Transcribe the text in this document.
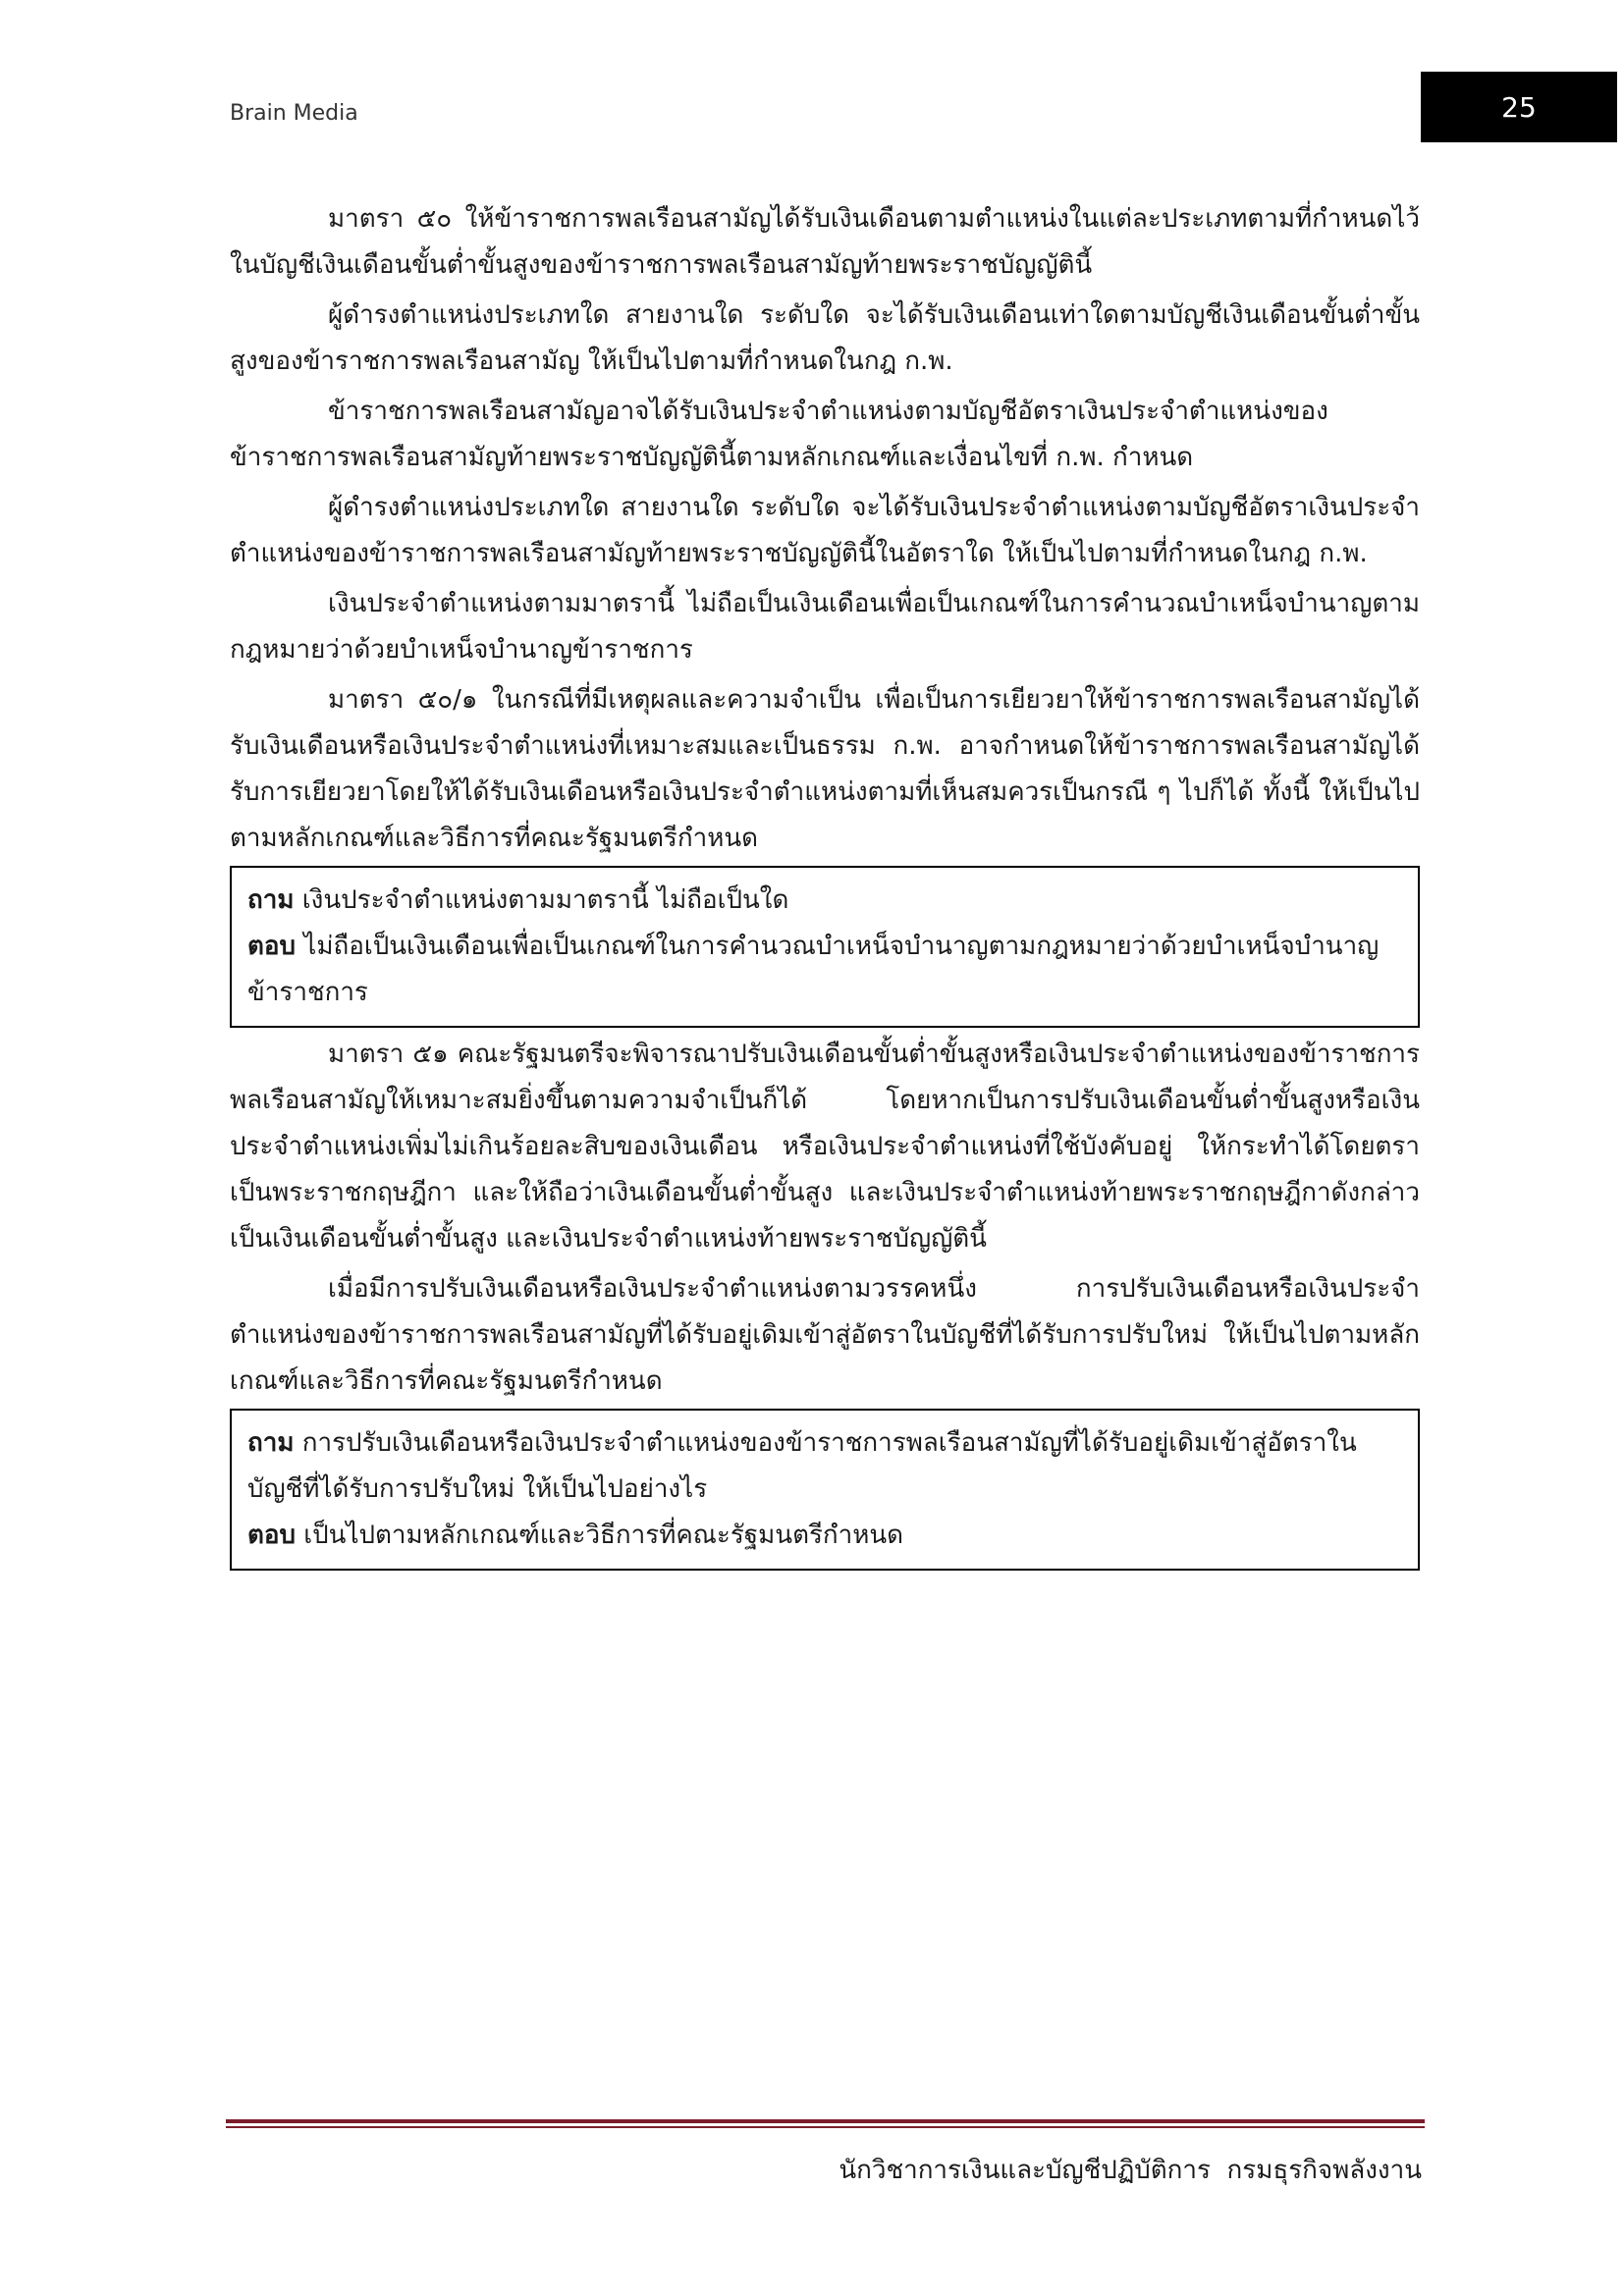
Brain Media	25

มาตรา ๕๐ ให้ข้าราชการพลเรือนสามัญได้รับเงินเดือนตามตำแหน่งในแต่ละประเภทตามที่กำหนดไว้ในบัญชีเงินเดือนขั้นต่ำขั้นสูงของข้าราชการพลเรือนสามัญท้ายพระราชบัญญัตินี้

ผู้ดำรงตำแหน่งประเภทใด สายงานใด ระดับใด จะได้รับเงินเดือนเท่าใดตามบัญชีเงินเดือนขั้นต่ำขั้นสูงของข้าราชการพลเรือนสามัญ ให้เป็นไปตามที่กำหนดในกฎ ก.พ.

ข้าราชการพลเรือนสามัญอาจได้รับเงินประจำตำแหน่งตามบัญชีอัตราเงินประจำตำแหน่งของข้าราชการพลเรือนสามัญท้ายพระราชบัญญัตินี้ตามหลักเกณฑ์และเงื่อนไขที่ ก.พ. กำหนด

ผู้ดำรงตำแหน่งประเภทใด สายงานใด ระดับใด จะได้รับเงินประจำตำแหน่งตามบัญชีอัตราเงินประจำตำแหน่งของข้าราชการพลเรือนสามัญท้ายพระราชบัญญัตินี้ในอัตราใด ให้เป็นไปตามที่กำหนดในกฎ ก.พ.

เงินประจำตำแหน่งตามมาตรานี้ ไม่ถือเป็นเงินเดือนเพื่อเป็นเกณฑ์ในการคำนวณบำเหน็จบำนาญตามกฎหมายว่าด้วยบำเหน็จบำนาญข้าราชการ

มาตรา ๕๐/๑ ในกรณีที่มีเหตุผลและความจำเป็น เพื่อเป็นการเยียวยาให้ข้าราชการพลเรือนสามัญได้รับเงินเดือนหรือเงินประจำตำแหน่งที่เหมาะสมและเป็นธรรม ก.พ. อาจกำหนดให้ข้าราชการพลเรือนสามัญได้รับการเยียวยาโดยให้ได้รับเงินเดือนหรือเงินประจำตำแหน่งตามที่เห็นสมควรเป็นกรณี ๆ ไปก็ได้ ทั้งนี้ ให้เป็นไปตามหลักเกณฑ์และวิธีการที่คณะรัฐมนตรีกำหนด

ถาม เงินประจำตำแหน่งตามมาตรานี้ ไม่ถือเป็นใด

ตอบ ไม่ถือเป็นเงินเดือนเพื่อเป็นเกณฑ์ในการคำนวณบำเหน็จบำนาญตามกฎหมายว่าด้วยบำเหน็จบำนาญข้าราชการ

มาตรา ๕๑ คณะรัฐมนตรีจะพิจารณาปรับเงินเดือนขั้นต่ำขั้นสูงหรือเงินประจำตำแหน่งของข้าราชการพลเรือนสามัญให้เหมาะสมยิ่งขึ้นตามความจำเป็นก็ได้ โดยหากเป็นการปรับเงินเดือนขั้นต่ำขั้นสูงหรือเงินประจำตำแหน่งเพิ่มไม่เกินร้อยละสิบของเงินเดือน หรือเงินประจำตำแหน่งที่ใช้บังคับอยู่ ให้กระทำได้โดยตราเป็นพระราชกฤษฎีกา และให้ถือว่าเงินเดือนขั้นต่ำขั้นสูง และเงินประจำตำแหน่งท้ายพระราชกฤษฎีกาดังกล่าว เป็นเงินเดือนขั้นต่ำขั้นสูง และเงินประจำตำแหน่งท้ายพระราชบัญญัตินี้

เมื่อมีการปรับเงินเดือนหรือเงินประจำตำแหน่งตามวรรคหนึ่ง การปรับเงินเดือนหรือเงินประจำตำแหน่งของข้าราชการพลเรือนสามัญที่ได้รับอยู่เดิมเข้าสู่อัตราในบัญชีที่ได้รับการปรับใหม่ ให้เป็นไปตามหลักเกณฑ์และวิธีการที่คณะรัฐมนตรีกำหนด

ถาม การปรับเงินเดือนหรือเงินประจำตำแหน่งของข้าราชการพลเรือนสามัญที่ได้รับอยู่เดิมเข้าสู่อัตราในบัญชีที่ได้รับการปรับใหม่ ให้เป็นไปอย่างไร

ตอบ เป็นไปตามหลักเกณฑ์และวิธีการที่คณะรัฐมนตรีกำหนด

นักวิชาการเงินและบัญชีปฏิบัติการ  กรมธุรกิจพลังงาน
